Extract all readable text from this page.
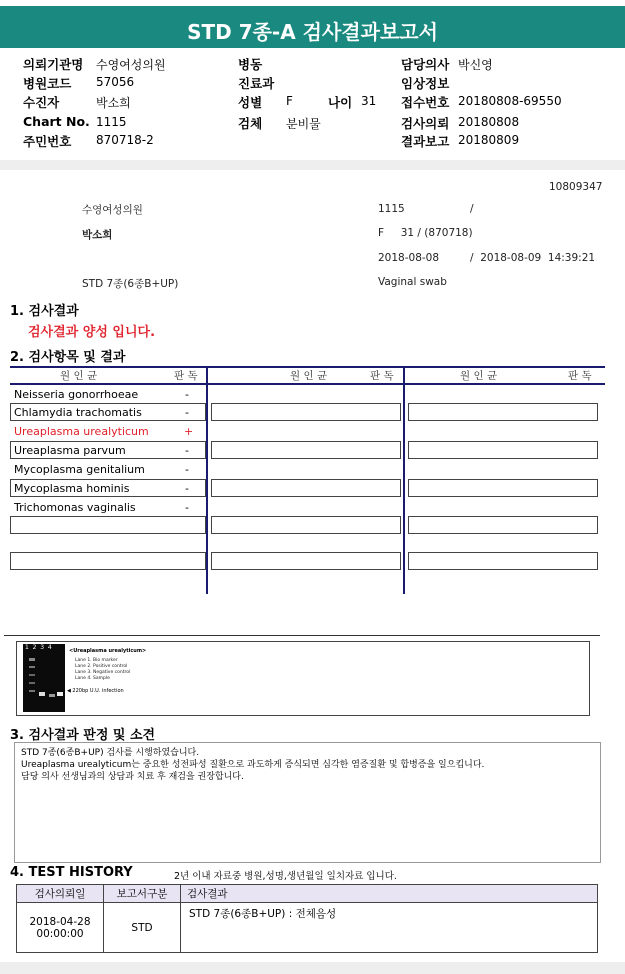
STD 7종-A 검사결과보고서
의뢰기관명 수영여성의원
병원코드 57056
수진자	박소희
Chart No. 1115
주민번호 870718-2
병동
진료과
성별 F	나이 31
검체 분비물
담당의사 박신영
임상정보
접수번호 20180808-69550
검사의뢰 20180808
결과보고 20180809
10809347
수영여성의원	1115	/
박소희	F     31 / (870718)
2018-08-08	/  2018-08-09  14:39:21
STD 7종(6종B+UP)	Vaginal swab
1. 검사결과
검사결과 양성 입니다.
2. 검사항목 및 결과
원 인 균	판 독	원 인 균	판 독	원 인 균	판 독
Neisseria gonorrhoeae	-
Chlamydia trachomatis	-
Ureaplasma urealyticum	+
Ureaplasma parvum	-
Mycoplasma genitalium	-
Mycoplasma hominis	-
Trichomonas vaginalis	-
1  2  3  4	<Ureaplasma urealyticum>
Lane 1. Bio marker
Lane 2. Positive control
Lane 3. Negative control
Lane 4. Sample
◀ 220bp U.U. infection
3. 검사결과 판정 및 소견
STD 7종(6종B+UP) 검사를 시행하였습니다.
Ureaplasma urealyticum는 중요한 성전파성 질환으로 과도하게 증식되면 심각한 염증질환 및 합병증을 일으킵니다.
담당 의사 선생님과의 상담과 치료 후 재검을 권장합니다.
4. TEST HISTORY	2년 이내 자료중 병원,성명,생년월일 일치자료 입니다.
검사의뢰일	보고서구분	검사결과

2018-04-28
00:00:00	STD	STD 7종(6종B+UP) : 전체음성
